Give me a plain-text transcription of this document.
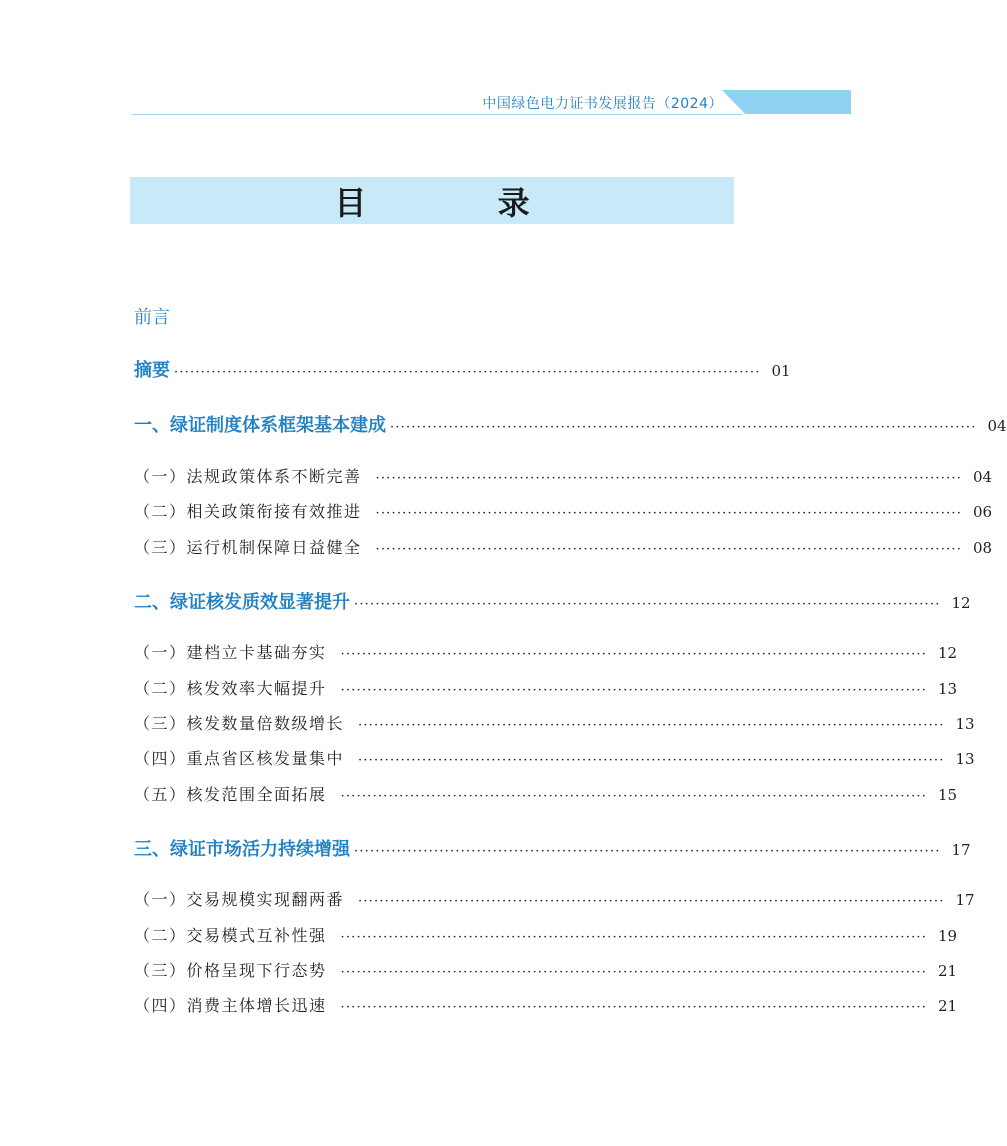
中国绿色电力证书发展报告（2024）
目 录
前言
摘要 ·············································································································· 01
一、绿证制度体系框架基本建成 ·············································································································· 04
（一）法规政策体系不断完善 ·············································································································· 04
（二）相关政策衔接有效推进 ·············································································································· 06
（三）运行机制保障日益健全 ·············································································································· 08
二、绿证核发质效显著提升 ·············································································································· 12
（一）建档立卡基础夯实 ·············································································································· 12
（二）核发效率大幅提升 ·············································································································· 13
（三）核发数量倍数级增长 ·············································································································· 13
（四）重点省区核发量集中 ·············································································································· 13
（五）核发范围全面拓展 ·············································································································· 15
三、绿证市场活力持续增强 ·············································································································· 17
（一）交易规模实现翻两番 ·············································································································· 17
（二）交易模式互补性强 ·············································································································· 19
（三）价格呈现下行态势 ·············································································································· 21
（四）消费主体增长迅速 ·············································································································· 21
